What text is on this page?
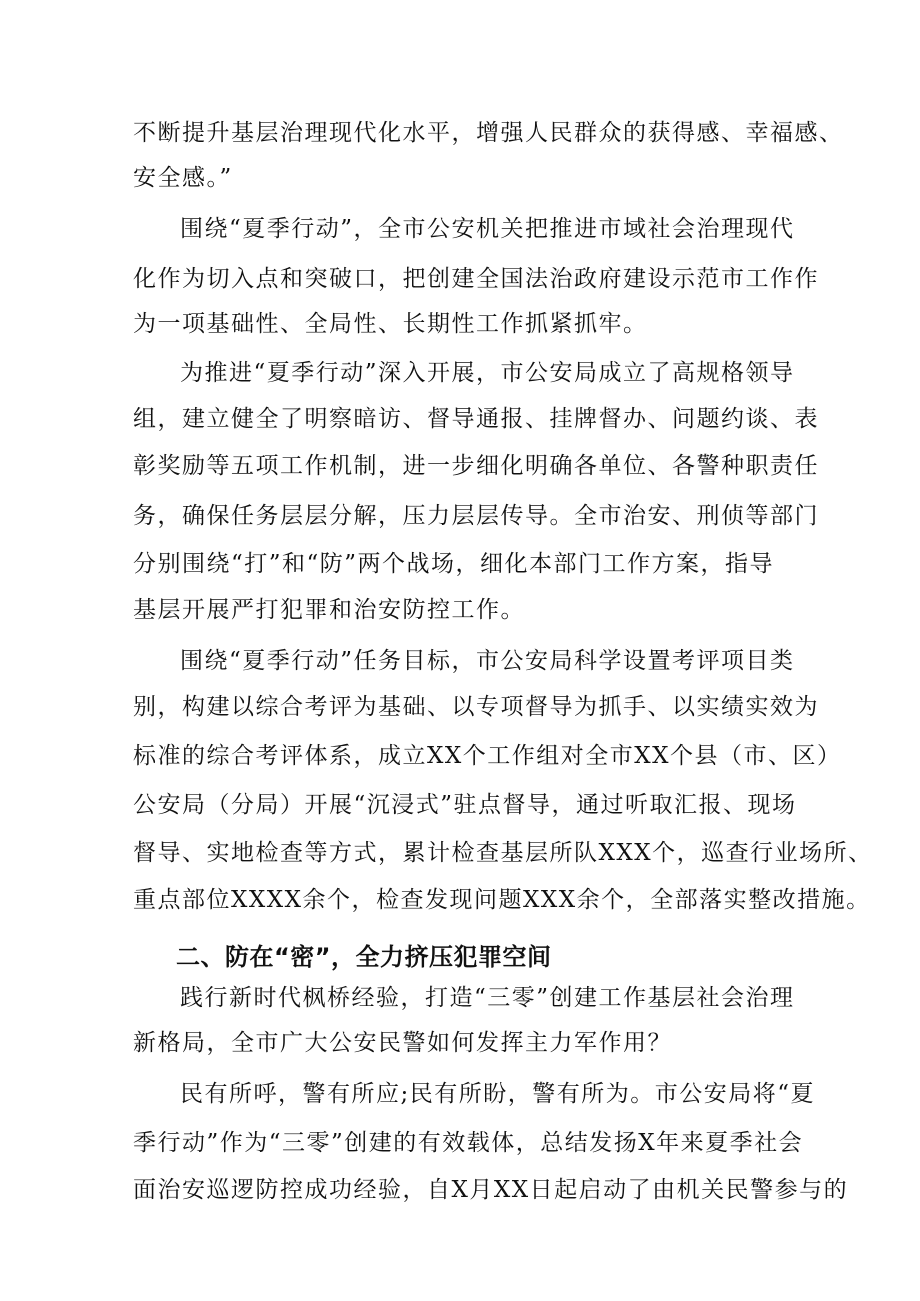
不断提升基层治理现代化水平，增强人民群众的获得感、幸福感、
安全感。”
围绕“夏季行动”，全市公安机关把推进市域社会治理现代
化作为切入点和突破口，把创建全国法治政府建设示范市工作作
为一项基础性、全局性、长期性工作抓紧抓牢。
为推进“夏季行动”深入开展，市公安局成立了高规格领导
组，建立健全了明察暗访、督导通报、挂牌督办、问题约谈、表
彰奖励等五项工作机制，进一步细化明确各单位、各警种职责任
务，确保任务层层分解，压力层层传导。全市治安、刑侦等部门
分别围绕“打”和“防”两个战场，细化本部门工作方案，指导
基层开展严打犯罪和治安防控工作。
围绕“夏季行动”任务目标，市公安局科学设置考评项目类
别，构建以综合考评为基础、以专项督导为抓手、以实绩实效为
标准的综合考评体系，成立XX个工作组对全市XX个县（市、区）
公安局（分局）开展“沉浸式”驻点督导，通过听取汇报、现场
督导、实地检查等方式，累计检查基层所队XXX个，巡查行业场所、
重点部位XXXX余个，检查发现问题XXX余个，全部落实整改措施。
二、防在“密”，全力挤压犯罪空间
践行新时代枫桥经验，打造“三零”创建工作基层社会治理
新格局，全市广大公安民警如何发挥主力军作用？
民有所呼，警有所应;民有所盼，警有所为。市公安局将“夏
季行动”作为“三零”创建的有效载体，总结发扬X年来夏季社会
面治安巡逻防控成功经验，自X月XX日起启动了由机关民警参与的
